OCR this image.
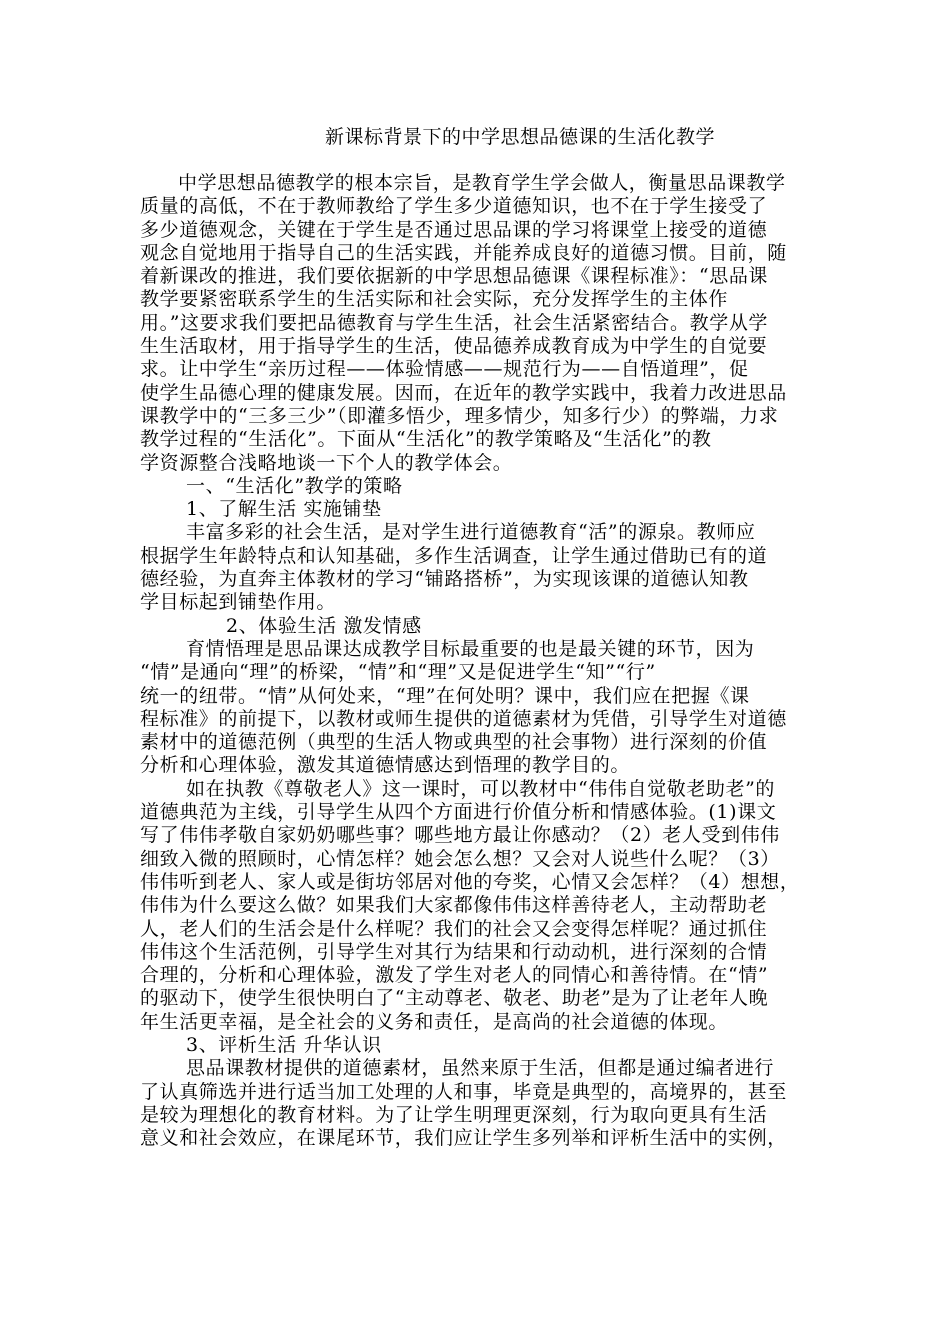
新课标背景下的中学思想品德课的生活化教学
中学思想品德教学的根本宗旨，是教育学生学会做人，衡量思品课教学
质量的高低，不在于教师教给了学生多少道德知识，也不在于学生接受了
多少道德观念，关键在于学生是否通过思品课的学习将课堂上接受的道德
观念自觉地用于指导自己的生活实践，并能养成良好的道德习惯。目前，随
着新课改的推进，我们要依据新的中学思想品德课《课程标准》：“思品课
教学要紧密联系学生的生活实际和社会实际，充分发挥学生的主体作
用。”这要求我们要把品德教育与学生生活，社会生活紧密结合。教学从学
生生活取材，用于指导学生的生活，使品德养成教育成为中学生的自觉要
求。让中学生“亲历过程——体验情感——规范行为——自悟道理”，促
使学生品德心理的健康发展。因而，在近年的教学实践中，我着力改进思品
课教学中的“三多三少”（即灌多悟少，理多情少，知多行少）的弊端，力求
教学过程的“生活化”。下面从“生活化”的教学策略及“生活化”的教
学资源整合浅略地谈一下个人的教学体会。
一、“生活化”教学的策略
1、了解生活 实施铺垫
丰富多彩的社会生活，是对学生进行道德教育“活”的源泉。教师应
根据学生年龄特点和认知基础，多作生活调查，让学生通过借助已有的道
德经验，为直奔主体教材的学习“铺路搭桥”，为实现该课的道德认知教
学目标起到铺垫作用。
2、体验生活 激发情感
育情悟理是思品课达成教学目标最重要的也是最关键的环节，因为
“情”是通向“理”的桥梁，“情”和“理”又是促进学生“知”“行”
统一的纽带。“情”从何处来，“理”在何处明？课中，我们应在把握《课
程标准》的前提下，以教材或师生提供的道德素材为凭借，引导学生对道德
素材中的道德范例（典型的生活人物或典型的社会事物）进行深刻的价值
分析和心理体验，激发其道德情感达到悟理的教学目的。
如在执教《尊敬老人》这一课时，可以教材中“伟伟自觉敬老助老”的
道德典范为主线，引导学生从四个方面进行价值分析和情感体验。(1)课文
写了伟伟孝敬自家奶奶哪些事？哪些地方最让你感动？（2）老人受到伟伟
细致入微的照顾时，心情怎样？她会怎么想？又会对人说些什么呢？（3）
伟伟听到老人、家人或是街坊邻居对他的夸奖，心情又会怎样？（4）想想，
伟伟为什么要这么做？如果我们大家都像伟伟这样善待老人，主动帮助老
人，老人们的生活会是什么样呢？我们的社会又会变得怎样呢？通过抓住
伟伟这个生活范例，引导学生对其行为结果和行动动机，进行深刻的合情
合理的，分析和心理体验，激发了学生对老人的同情心和善待情。在“情”
的驱动下，使学生很快明白了“主动尊老、敬老、助老”是为了让老年人晚
年生活更幸福，是全社会的义务和责任，是高尚的社会道德的体现。
3、评析生活 升华认识
思品课教材提供的道德素材，虽然来原于生活，但都是通过编者进行
了认真筛选并进行适当加工处理的人和事，毕竟是典型的，高境界的，甚至
是较为理想化的教育材料。为了让学生明理更深刻，行为取向更具有生活
意义和社会效应，在课尾环节，我们应让学生多列举和评析生活中的实例，
